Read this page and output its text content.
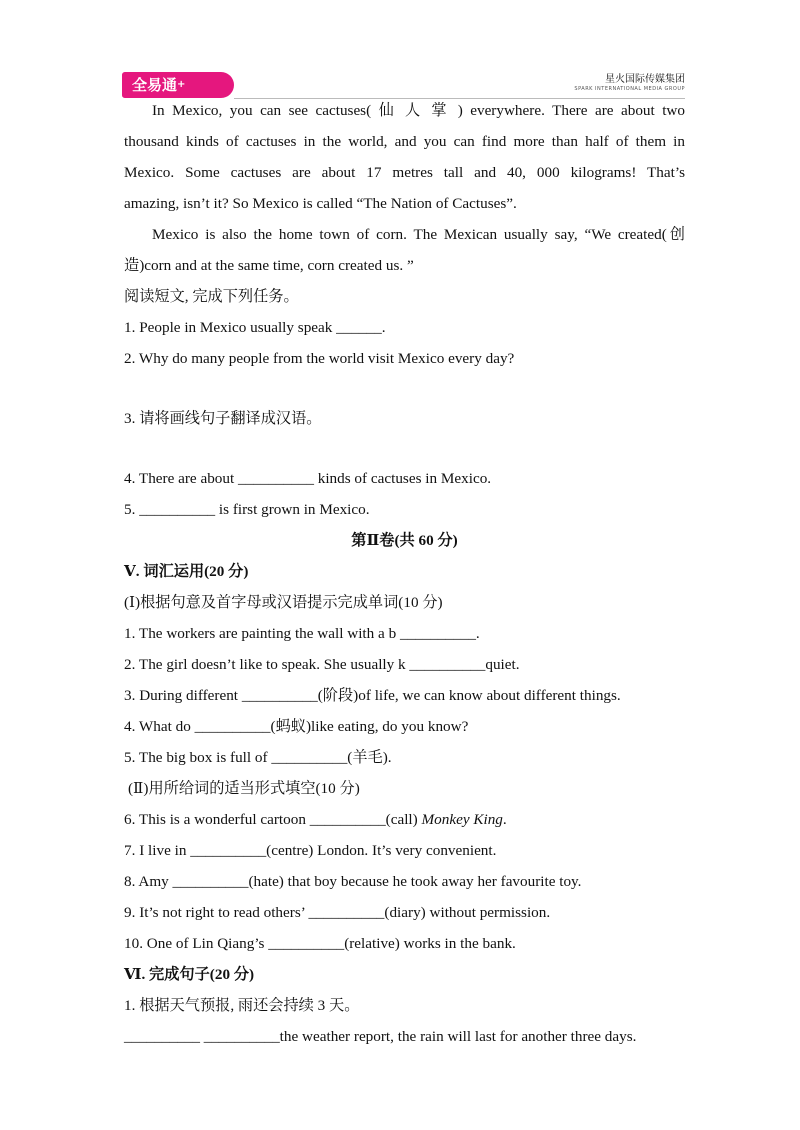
全易通+	星火国际传媒集团
SPARK INTERNATIONAL MEDIA GROUP

In Mexico, you can see cactuses( 仙 人 掌 ) everywhere. There are about two
thousand kinds of cactuses in the world, and you can find more than half of them in
Mexico. Some cactuses are about 17 metres tall and 40, 000 kilograms! That’s

amazing, isn’t it? So Mexico is called “The Nation of Cactuses”.

Mexico is also the home town of corn. The Mexican usually say, “We created(创

造)corn and at the same time, corn created us. ”
阅读短文, 完成下列任务。
1. People in Mexico usually speak ______.
2. Why do many people from the world visit Mexico every day?
3. 请将画线句子翻译成汉语。
4. There are about __________ kinds of cactuses in Mexico.
5. __________ is first grown in Mexico.
第Ⅱ卷(共 60 分)
Ⅴ. 词汇运用(20 分)
(Ⅰ)根据句意及首字母或汉语提示完成单词(10 分)
1. The workers are painting the wall with a b __________.
2. The girl doesn’t like to speak. She usually k __________quiet.
3. During different __________(阶段)of life, we can know about different things.
4. What do __________(蚂蚁)like eating, do you know?
5. The big box is full of __________(羊毛).
(Ⅱ)用所给词的适当形式填空(10 分)
6. This is a wonderful cartoon __________(call) Monkey King.
7. I live in __________(centre) London. It’s very convenient.
8. Amy __________(hate) that boy because he took away her favourite toy.
9. It’s not right to read others’ __________(diary) without permission.
10. One of Lin Qiang’s __________(relative) works in the bank.
Ⅵ. 完成句子(20 分)
1. 根据天气预报, 雨还会持续 3 天。
__________ __________the weather report, the rain will last for another three days.
